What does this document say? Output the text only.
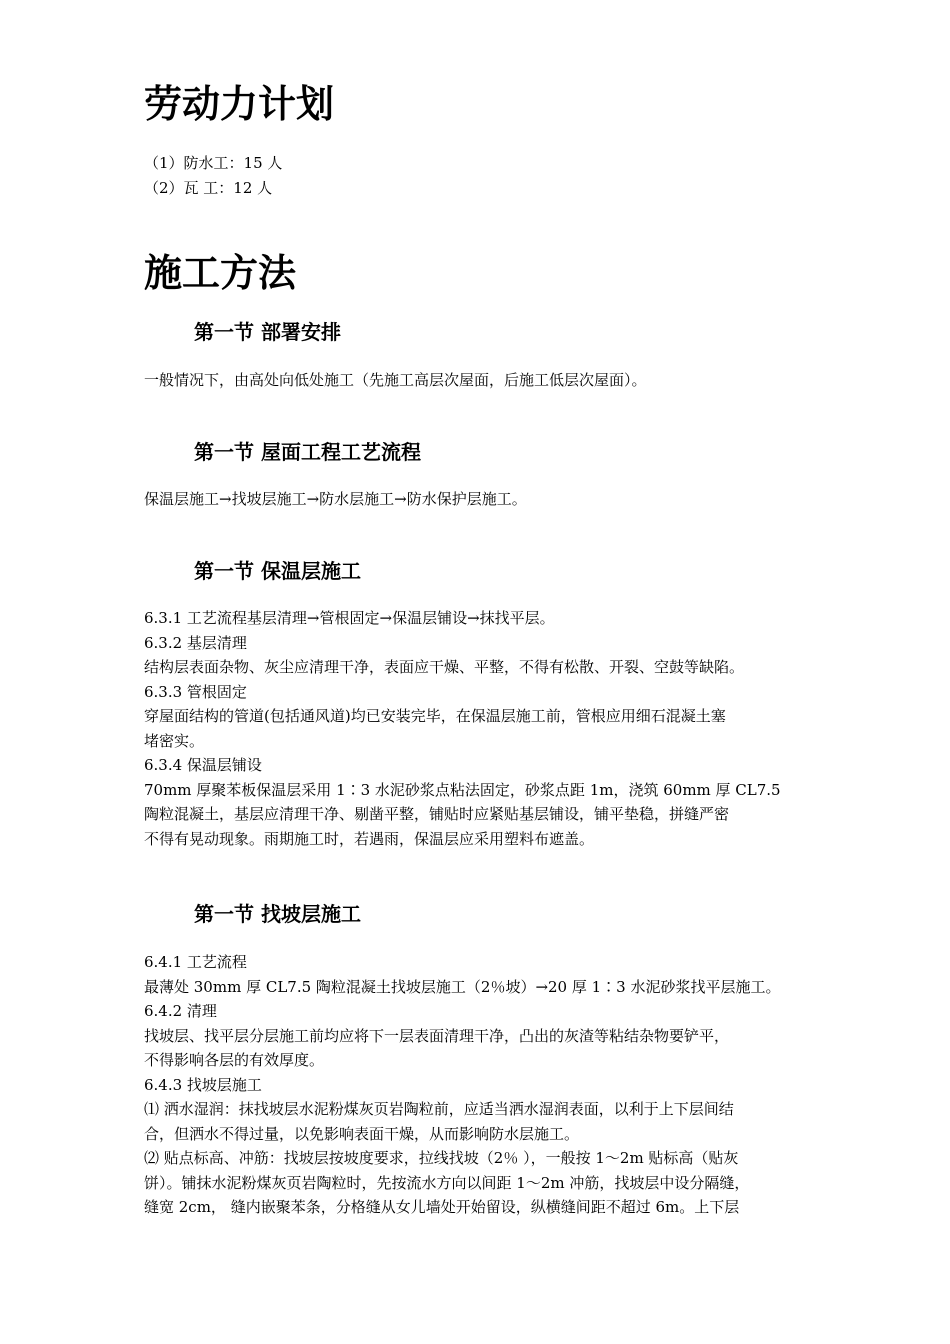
劳动力计划
（1）防水工：15 人
（2）瓦 工：12 人
施工方法
第一节 部署安排
一般情况下，由高处向低处施工（先施工高层次屋面，后施工低层次屋面）。
第一节 屋面工程工艺流程
保温层施工→找坡层施工→防水层施工→防水保护层施工。
第一节 保温层施工
6.3.1 工艺流程基层清理→管根固定→保温层铺设→抹找平层。
6.3.2 基层清理
结构层表面杂物、灰尘应清理干净，表面应干燥、平整，不得有松散、开裂、空鼓等缺陷。
6.3.3 管根固定
穿屋面结构的管道(包括通风道)均已安装完毕，在保温层施工前，管根应用细石混凝土塞
堵密实。
6.3.4 保温层铺设
70mm 厚聚苯板保温层采用 1∶3 水泥砂浆点粘法固定，砂浆点距 1m，浇筑 60mm 厚 CL7.5
陶粒混凝土，基层应清理干净、剔凿平整，铺贴时应紧贴基层铺设，铺平垫稳，拼缝严密
不得有晃动现象。雨期施工时，若遇雨，保温层应采用塑料布遮盖。
第一节 找坡层施工
6.4.1 工艺流程
最薄处 30mm 厚 CL7.5 陶粒混凝土找坡层施工（2％坡）→20 厚 1∶3 水泥砂浆找平层施工。
6.4.2 清理
找坡层、找平层分层施工前均应将下一层表面清理干净，凸出的灰渣等粘结杂物要铲平，
不得影响各层的有效厚度。
6.4.3 找坡层施工
⑴ 洒水湿润：抹找坡层水泥粉煤灰页岩陶粒前，应适当洒水湿润表面，以利于上下层间结
合，但洒水不得过量，以免影响表面干燥，从而影响防水层施工。
⑵ 贴点标高、冲筋：找坡层按坡度要求，拉线找坡（2％ ），一般按 1～2m 贴标高（贴灰
饼）。铺抹水泥粉煤灰页岩陶粒时，先按流水方向以间距 1～2m 冲筋，找坡层中设分隔缝，
缝宽 2cm， 缝内嵌聚苯条，分格缝从女儿墙处开始留设，纵横缝间距不超过 6m。上下层
